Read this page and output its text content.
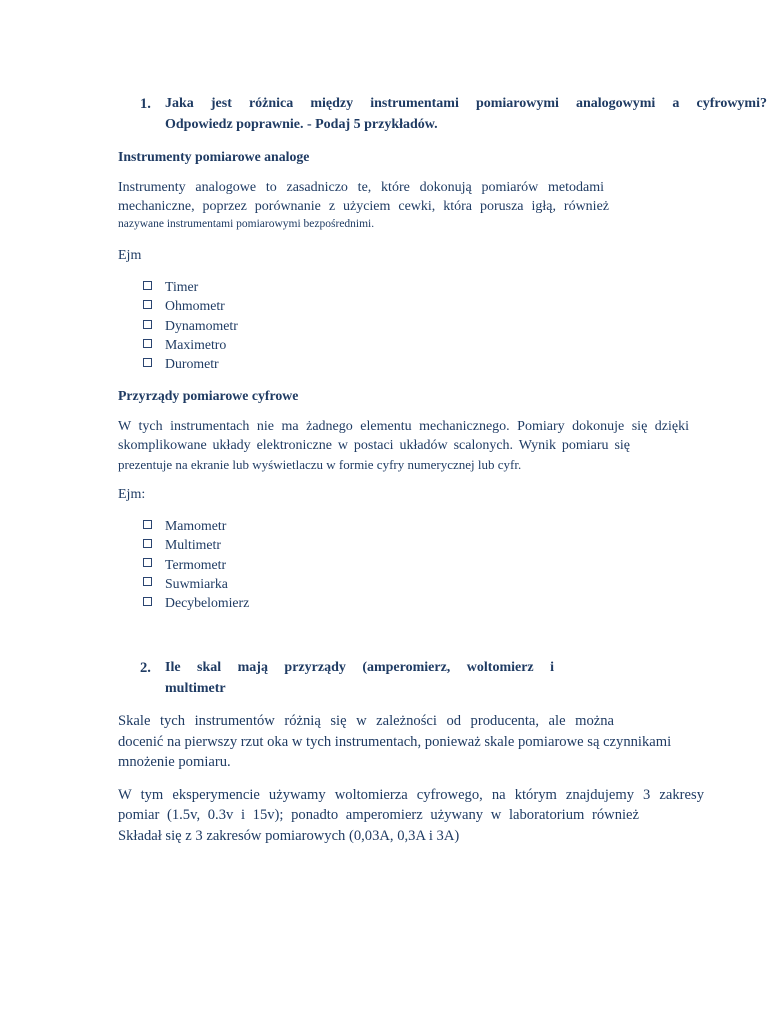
1. Jaka jest różnica między instrumentami pomiarowymi analogowymi a cyfrowymi?
Odpowiedz poprawnie. - Podaj 5 przykładów.
Instrumenty pomiarowe analoge
Instrumenty analogowe to zasadniczo te, które dokonują pomiarów metodami
mechaniczne, poprzez porównanie z użyciem cewki, która porusza igłą, również
nazywane instrumentami pomiarowymi bezpośrednimi.
Ejm
Timer
Ohmometr
Dynamometr
Maximetro
Durometr
Przyrządy pomiarowe cyfrowe
W tych instrumentach nie ma żadnego elementu mechanicznego. Pomiary dokonuje się dzięki
skomplikowane układy elektroniczne w postaci układów scalonych. Wynik pomiaru się
prezentuje na ekranie lub wyświetlaczu w formie cyfry numerycznej lub cyfr.
Ejm:
Mamometr
Multimetr
Termometr
Suwmiarka
Decybelomierz
2. Ile skal mają przyrządy (amperomierz, woltomierz i
multimetr
Skale tych instrumentów różnią się w zależności od producenta, ale można
docenić na pierwszy rzut oka w tych instrumentach, ponieważ skale pomiarowe są czynnikami
mnożenie pomiaru.
W tym eksperymencie używamy woltomierza cyfrowego, na którym znajdujemy 3 zakresy
pomiar (1.5v, 0.3v i 15v); ponadto amperomierz używany w laboratorium również
Składał się z 3 zakresów pomiarowych (0,03A, 0,3A i 3A)
